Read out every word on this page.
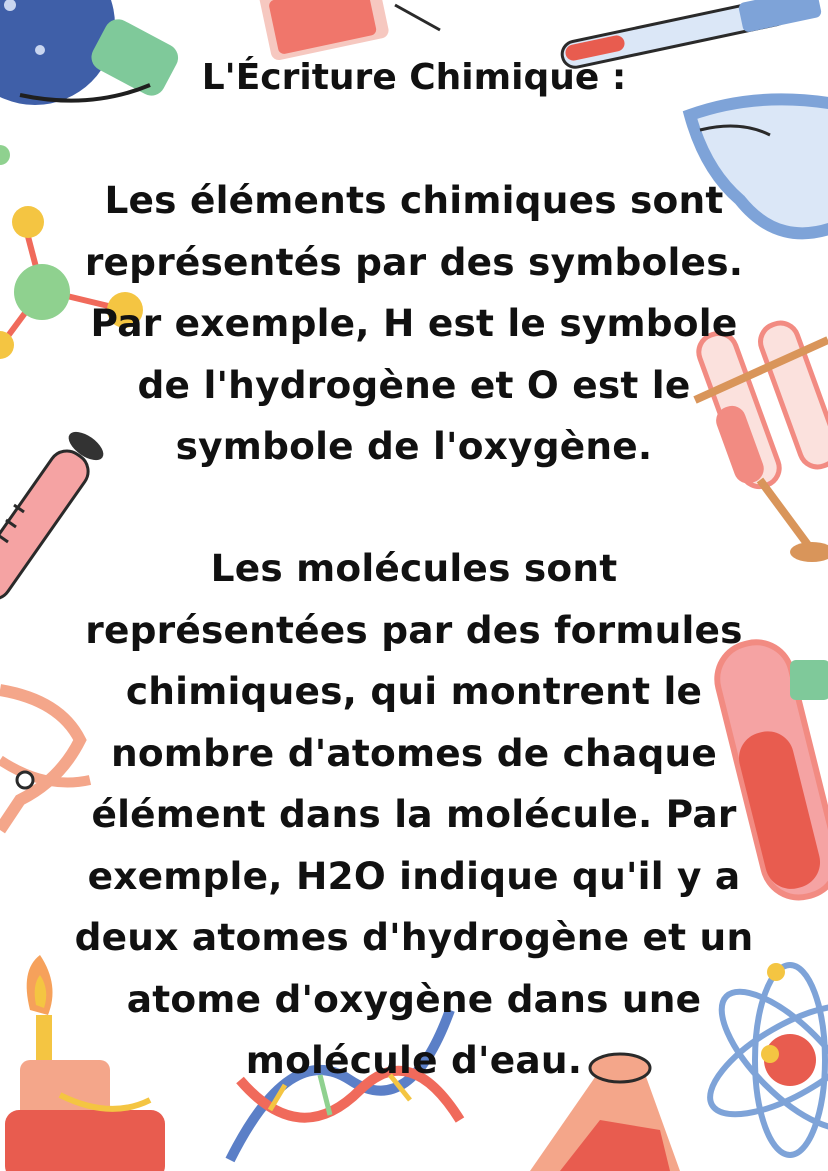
L'Écriture Chimique :

Les éléments chimiques sont représentés par des symboles. Par exemple, H est le symbole de l'hydrogène et O est le symbole de l'oxygène.

Les molécules sont représentées par des formules chimiques, qui montrent le nombre d'atomes de chaque élément dans la molécule. Par exemple, H2O indique qu'il y a deux atomes d'hydrogène et un atome d'oxygène dans une molécule d'eau.
